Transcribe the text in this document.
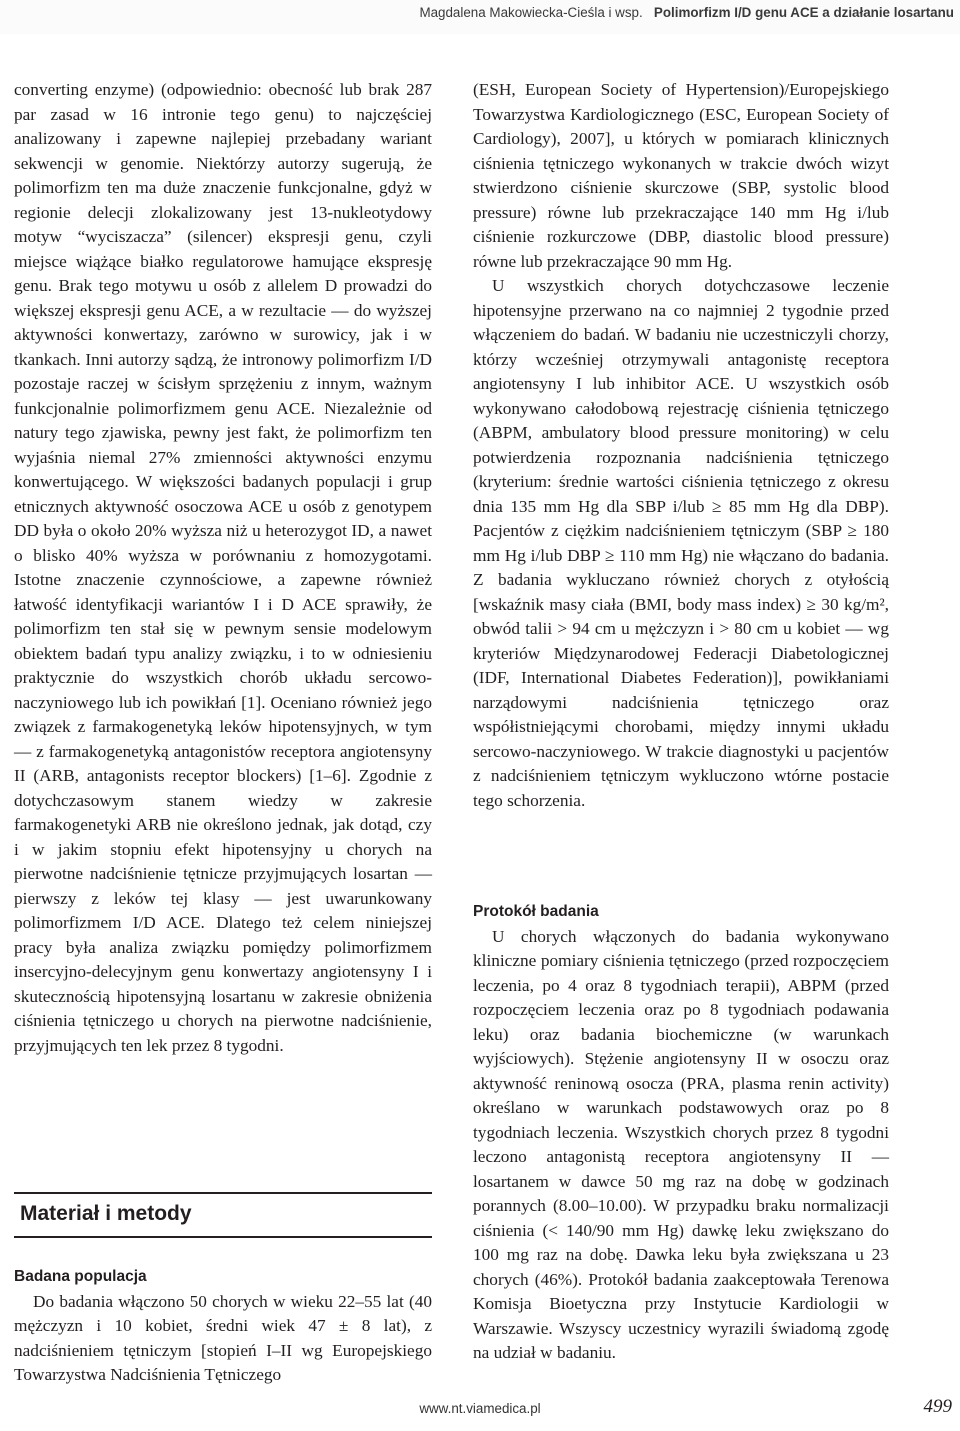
Magdalena Makowiecka-Cieśla i wsp. Polimorfizm I/D genu ACE a działanie losartanu

converting enzyme) (odpowiednio: obecność lub brak 287 par zasad w 16 intronie tego genu) to najczęściej analizowany i zapewne najlepiej przebadany wariant sekwencji w genomie. Niektórzy autorzy sugerują, że polimorfizm ten ma duże znaczenie funkcjonalne, gdyż w regionie delecji zlokalizowany jest 13-nukleotydowy motyw “wyciszacza” (silencer) ekspresji genu, czyli miejsce wiążące białko regulatorowe hamujące ekspresję genu. Brak tego motywu u osób z allelem D prowadzi do większej ekspresji genu ACE, a w rezultacie — do wyższej aktywności konwertazy, zarówno w surowicy, jak i w tkankach. Inni autorzy sądzą, że intronowy polimorfizm I/D pozostaje raczej w ścisłym sprzężeniu z innym, ważnym funkcjonalnie polimorfizmem genu ACE. Niezależnie od natury tego zjawiska, pewny jest fakt, że polimorfizm ten wyjaśnia niemal 27% zmienności aktywności enzymu konwertującego. W większości badanych populacji i grup etnicznych aktywność osoczowa ACE u osób z genotypem DD była o około 20% wyższa niż u heterozygot ID, a nawet o blisko 40% wyższa w porównaniu z homozygotami. Istotne znaczenie czynnościowe, a zapewne również łatwość identyfikacji wariantów I i D ACE sprawiły, że polimorfizm ten stał się w pewnym sensie modelowym obiektem badań typu analizy związku, i to w odniesieniu praktycznie do wszystkich chorób układu sercowo-naczyniowego lub ich powikłań [1]. Oceniano również jego związek z farmakogenetyką leków hipotensyjnych, w tym — z farmakogenetyką antagonistów receptora angiotensyny II (ARB, antagonists receptor blockers) [1–6]. Zgodnie z dotychczasowym stanem wiedzy w zakresie farmakogenetyki ARB nie określono jednak, jak dotąd, czy i w jakim stopniu efekt hipotensyjny u chorych na pierwotne nadciśnienie tętnicze przyjmujących losartan — pierwszy z leków tej klasy — jest uwarunkowany polimorfizmem I/D ACE. Dlatego też celem niniejszej pracy była analiza związku pomiędzy polimorfizmem insercyjno-delecyjnym genu konwertazy angiotensyny I i skutecznością hipotensyjną losartanu w zakresie obniżenia ciśnienia tętniczego u chorych na pierwotne nadciśnienie, przyjmujących ten lek przez 8 tygodni.

Materiał i metody
Badana populacja

Do badania włączono 50 chorych w wieku 22–55 lat (40 mężczyzn i 10 kobiet, średni wiek 47 ± 8 lat), z nadciśnieniem tętniczym [stopień I–II wg Europejskiego Towarzystwa Nadciśnienia Tętniczego

(ESH, European Society of Hypertension)/Europejskiego Towarzystwa Kardiologicznego (ESC, European Society of Cardiology), 2007], u których w pomiarach klinicznych ciśnienia tętniczego wykonanych w trakcie dwóch wizyt stwierdzono ciśnienie skurczowe (SBP, systolic blood pressure) równe lub przekraczające 140 mm Hg i/lub ciśnienie rozkurczowe (DBP, diastolic blood pressure) równe lub przekraczające 90 mm Hg.

U wszystkich chorych dotychczasowe leczenie hipotensyjne przerwano na co najmniej 2 tygodnie przed włączeniem do badań. W badaniu nie uczestniczyli chorzy, którzy wcześniej otrzymywali antagonistę receptora angiotensyny I lub inhibitor ACE. U wszystkich osób wykonywano całodobową rejestrację ciśnienia tętniczego (ABPM, ambulatory blood pressure monitoring) w celu potwierdzenia rozpoznania nadciśnienia tętniczego (kryterium: średnie wartości ciśnienia tętniczego z okresu dnia 135 mm Hg dla SBP i/lub ≥ 85 mm Hg dla DBP). Pacjentów z ciężkim nadciśnieniem tętniczym (SBP ≥ 180 mm Hg i/lub DBP ≥ 110 mm Hg) nie włączano do badania. Z badania wykluczano również chorych z otyłością [wskaźnik masy ciała (BMI, body mass index) ≥ 30 kg/m², obwód talii > 94 cm u mężczyzn i > 80 cm u kobiet — wg kryteriów Międzynarodowej Federacji Diabetologicznej (IDF, International Diabetes Federation)], powikłaniami narządowymi nadciśnienia tętniczego oraz współistniejącymi chorobami, między innymi układu sercowo-naczyniowego. W trakcie diagnostyki u pacjentów z nadciśnieniem tętniczym wykluczono wtórne postacie tego schorzenia.

Protokół badania

U chorych włączonych do badania wykonywano kliniczne pomiary ciśnienia tętniczego (przed rozpoczęciem leczenia, po 4 oraz 8 tygodniach terapii), ABPM (przed rozpoczęciem leczenia oraz po 8 tygodniach podawania leku) oraz badania biochemiczne (w warunkach wyjściowych). Stężenie angiotensyny II w osoczu oraz aktywność reninową osocza (PRA, plasma renin activity) określano w warunkach podstawowych oraz po 8 tygodniach leczenia. Wszystkich chorych przez 8 tygodni leczono antagonistą receptora angiotensyny II — losartanem w dawce 50 mg raz na dobę w godzinach porannych (8.00–10.00). W przypadku braku normalizacji ciśnienia (< 140/90 mm Hg) dawkę leku zwiększano do 100 mg raz na dobę. Dawka leku była zwiększana u 23 chorych (46%). Protokół badania zaakceptowała Terenowa Komisja Bioetyczna przy Instytucie Kardiologii w Warszawie. Wszyscy uczestnicy wyrazili świadomą zgodę na udział w badaniu.

www.nt.viamedica.pl	499
